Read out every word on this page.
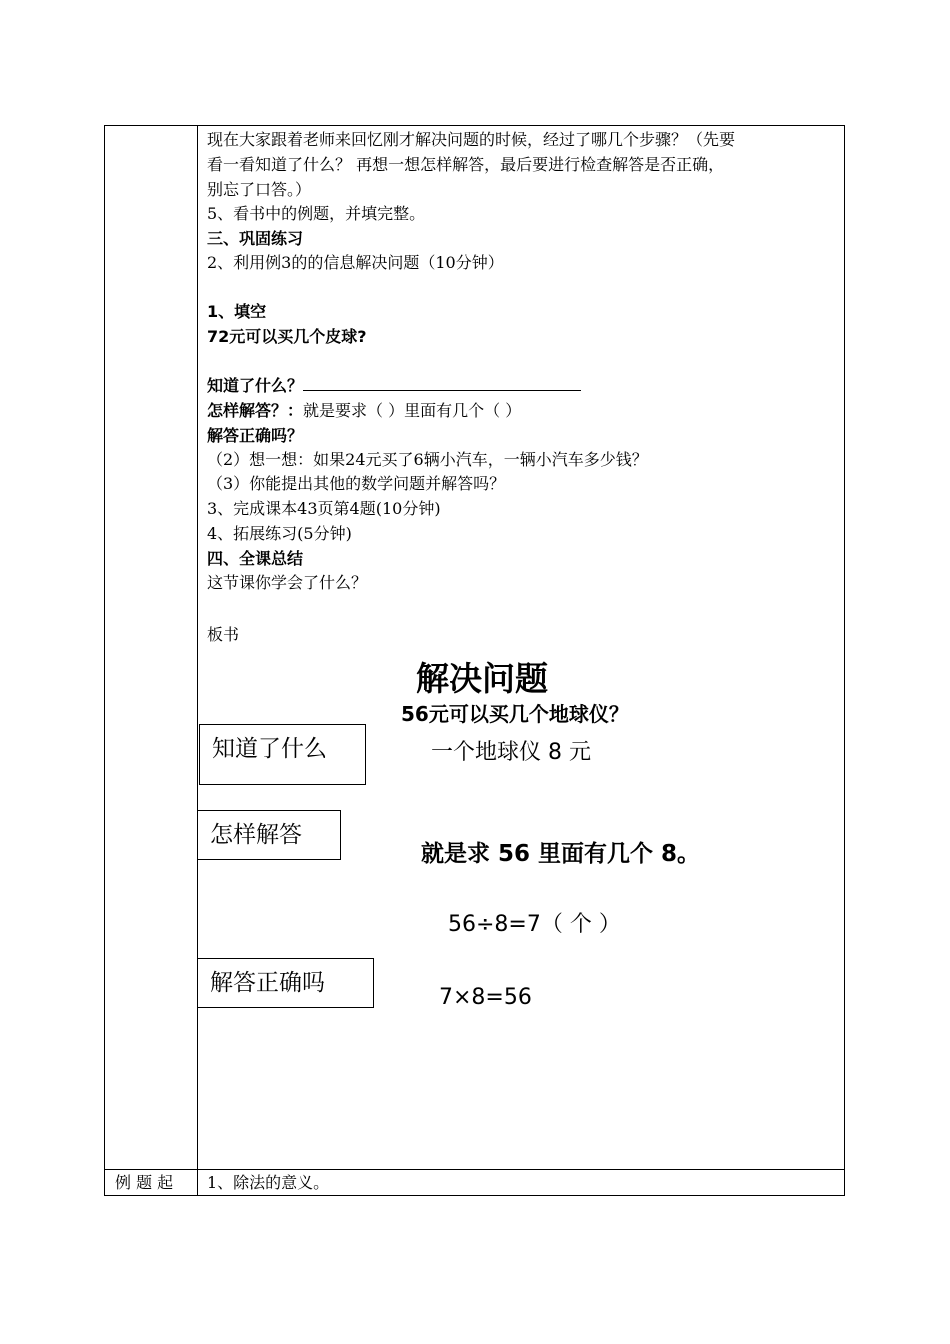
现在大家跟着老师来回忆刚才解决问题的时候，经过了哪几个步骤？（先要
看一看知道了什么？ 再想一想怎样解答，最后要进行检查解答是否正确，
别忘了口答。）
5、看书中的例题，并填完整。
三、巩固练习
2、利用例3的的信息解决问题（10分钟）
1、填空
72元可以买几个皮球?
知道了什么？
怎样解答？：就是要求（ ）里面有几个（ ）
解答正确吗？
（2）想一想：如果24元买了6辆小汽车，一辆小汽车多少钱？
（3）你能提出其他的数学问题并解答吗？
3、完成课本43页第4题(10分钟)
4、拓展练习(5分钟)
四、全课总结
这节课你学会了什么？
板书
解决问题
56元可以买几个地球仪？
一个地球仪 8 元
知道了什么
怎样解答
就是求 56 里面有几个 8。
56÷8=7（ 个 ）
解答正确吗
7×8=56
例 题 起 1、除法的意义。
